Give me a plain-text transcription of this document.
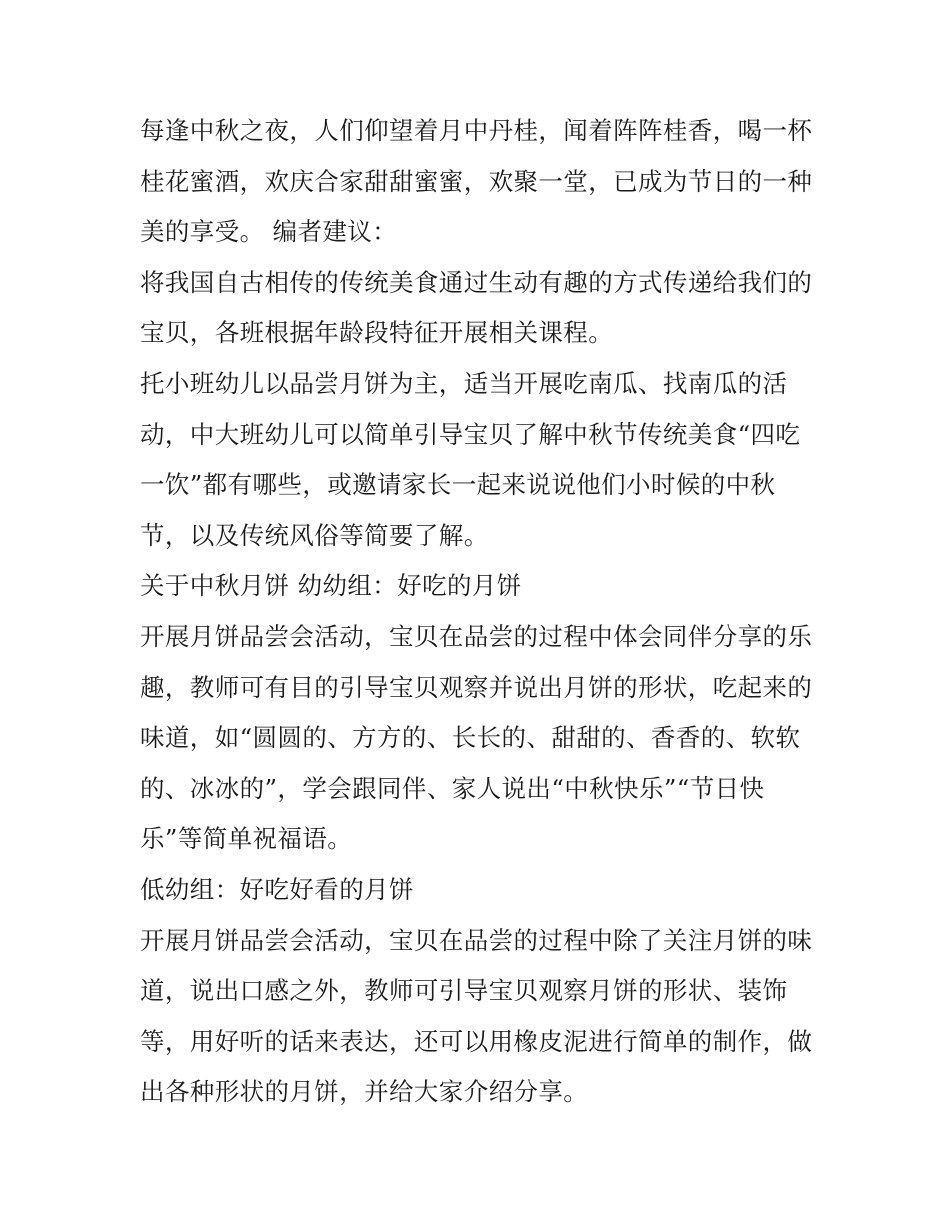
每逢中秋之夜，人们仰望着月中丹桂，闻着阵阵桂香，喝一杯

桂花蜜酒，欢庆合家甜甜蜜蜜，欢聚一堂，已成为节日的一种

美的享受。 编者建议：

将我国自古相传的传统美食通过生动有趣的方式传递给我们的

宝贝，各班根据年龄段特征开展相关课程。

托小班幼儿以品尝月饼为主，适当开展吃南瓜、找南瓜的活

动，中大班幼儿可以简单引导宝贝了解中秋节传统美食“四吃

一饮”都有哪些，或邀请家长一起来说说他们小时候的中秋

节，以及传统风俗等简要了解。

关于中秋月饼 幼幼组：好吃的月饼

开展月饼品尝会活动，宝贝在品尝的过程中体会同伴分享的乐

趣，教师可有目的引导宝贝观察并说出月饼的形状，吃起来的

味道，如“圆圆的、方方的、长长的、甜甜的、香香的、软软

的、冰冰的”，学会跟同伴、家人说出“中秋快乐”“节日快

乐”等简单祝福语。

低幼组：好吃好看的月饼

开展月饼品尝会活动，宝贝在品尝的过程中除了关注月饼的味

道，说出口感之外，教师可引导宝贝观察月饼的形状、装饰

等，用好听的话来表达，还可以用橡皮泥进行简单的制作，做

出各种形状的月饼，并给大家介绍分享。
